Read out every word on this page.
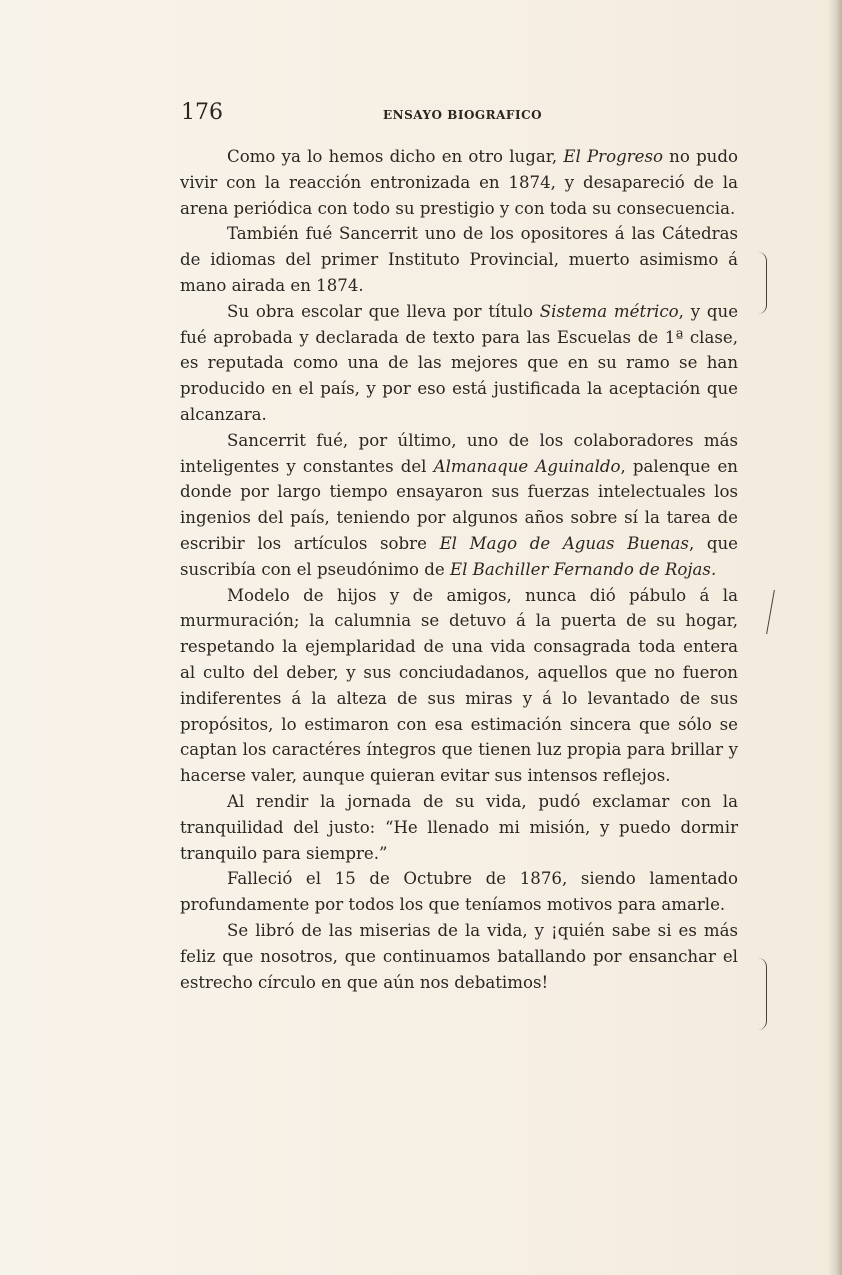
176	ENSAYO BIOGRAFICO

Como ya lo hemos dicho en otro lugar, El Progreso no pudo vivir con la reacción entronizada en 1874, y desapareció de la arena periódica con todo su prestigio y con toda su consecuencia.

También fué Sancerrit uno de los opositores á las Cátedras de idiomas del primer Instituto Provincial, muerto asimismo á mano airada en 1874.

Su obra escolar que lleva por título Sistema métrico, y que fué aprobada y declarada de texto para las Escuelas de 1ª clase, es reputada como una de las mejores que en su ramo se han producido en el país, y por eso está justificada la aceptación que alcanzara.

Sancerrit fué, por último, uno de los colaboradores más inteligentes y constantes del Almanaque Aguinaldo, palenque en donde por largo tiempo ensayaron sus fuerzas intelectuales los ingenios del país, teniendo por algunos años sobre sí la tarea de escribir los artículos sobre El Mago de Aguas Buenas, que suscribía con el pseudónimo de El Bachiller Fernando de Rojas.

Modelo de hijos y de amigos, nunca dió pábulo á la murmuración; la calumnia se detuvo á la puerta de su hogar, respetando la ejemplaridad de una vida consagrada toda entera al culto del deber, y sus conciudadanos, aquellos que no fueron indiferentes á la alteza de sus miras y á lo levantado de sus propósitos, lo estimaron con esa estimación sincera que sólo se captan los caractéres íntegros que tienen luz propia para brillar y hacerse valer, aunque quieran evitar sus intensos reflejos.

Al rendir la jornada de su vida, pudó exclamar con la tranquilidad del justo: “He llenado mi misión, y puedo dormir tranquilo para siempre.”

Falleció el 15 de Octubre de 1876, siendo lamentado profundamente por todos los que teníamos motivos para amarle.

Se libró de las miserias de la vida, y ¡quién sabe si es más feliz que nosotros, que continuamos batallando por ensanchar el estrecho círculo en que aún nos debatimos!
